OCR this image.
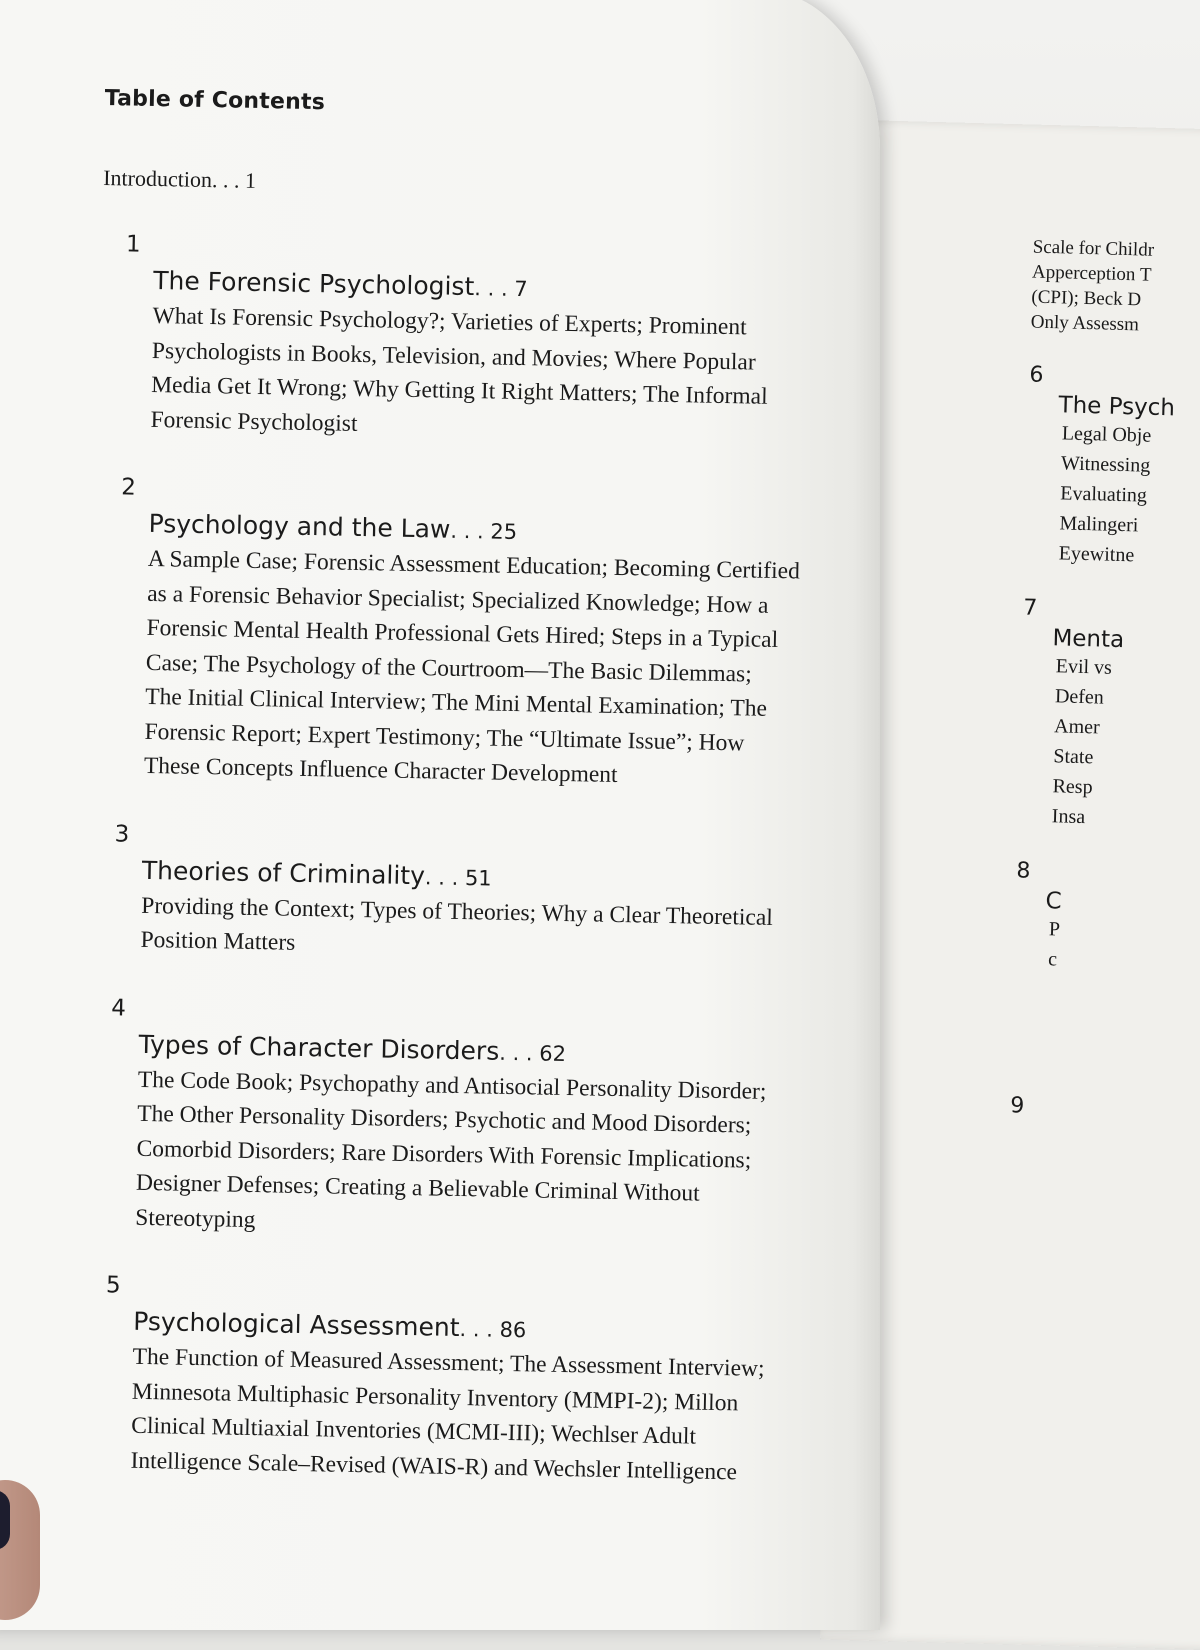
Scale for Childr
Apperception T
(CPI); Beck D
Only Assessm
6
The Psych
Legal Obje
Witnessing
Evaluating
Malingeri
Eyewitne
7
Menta
Evil vs
Defen
Amer
State
Resp
Insa
8
C
P
c
9
Table of Contents
Introduction. . . 1
1
The Forensic Psychologist. . . 7
What Is Forensic Psychology?; Varieties of Experts; Prominent
Psychologists in Books, Television, and Movies; Where Popular
Media Get It Wrong; Why Getting It Right Matters; The Informal
Forensic Psychologist
2
Psychology and the Law. . . 25
A Sample Case; Forensic Assessment Education; Becoming Certified
as a Forensic Behavior Specialist; Specialized Knowledge; How a
Forensic Mental Health Professional Gets Hired; Steps in a Typical
Case; The Psychology of the Courtroom—The Basic Dilemmas;
The Initial Clinical Interview; The Mini Mental Examination; The
Forensic Report; Expert Testimony; The “Ultimate Issue”; How
These Concepts Influence Character Development
3
Theories of Criminality. . . 51
Providing the Context; Types of Theories; Why a Clear Theoretical
Position Matters
4
Types of Character Disorders. . . 62
The Code Book; Psychopathy and Antisocial Personality Disorder;
The Other Personality Disorders; Psychotic and Mood Disorders;
Comorbid Disorders; Rare Disorders With Forensic Implications;
Designer Defenses; Creating a Believable Criminal Without
Stereotyping
5
Psychological Assessment. . . 86
The Function of Measured Assessment; The Assessment Interview;
Minnesota Multiphasic Personality Inventory (MMPI-2); Millon
Clinical Multiaxial Inventories (MCMI-III); Wechlser Adult
Intelligence Scale–Revised (WAIS-R) and Wechsler Intelligence
